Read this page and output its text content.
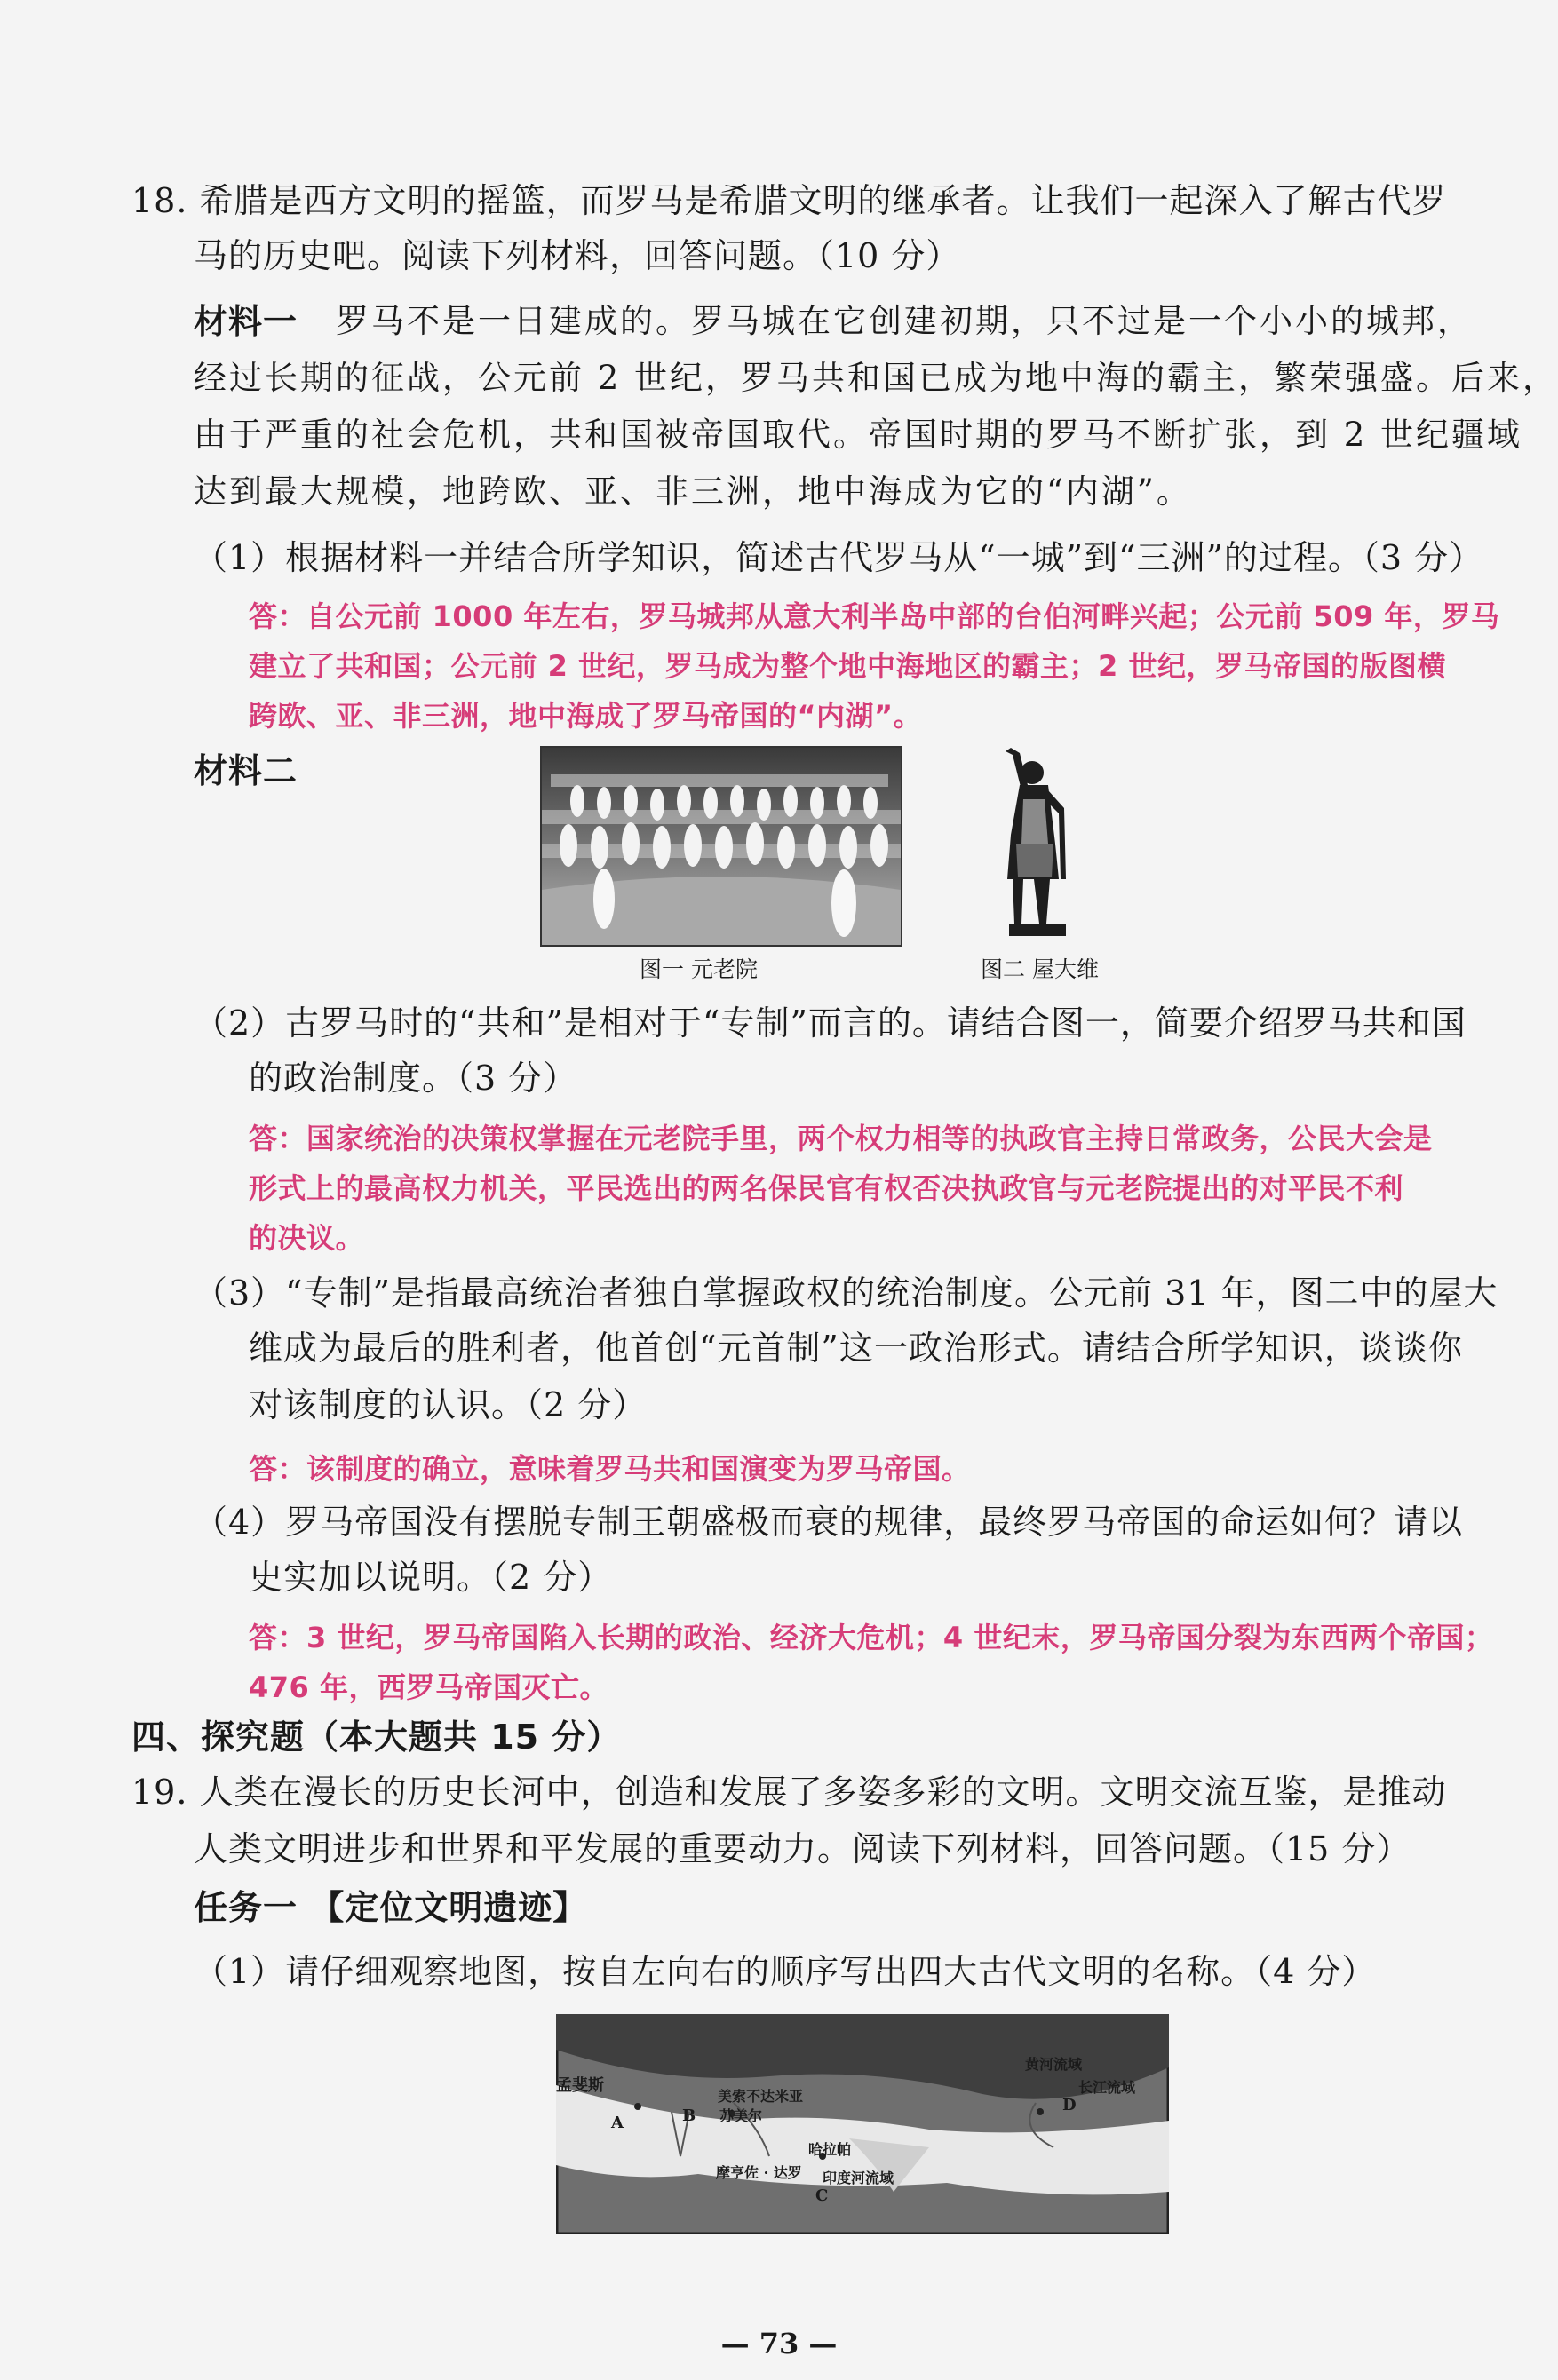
18. 希腊是西方文明的摇篮，而罗马是希腊文明的继承者。让我们一起深入了解古代罗
马的历史吧。阅读下列材料，回答问题。（10 分）
材料一 罗马不是一日建成的。罗马城在它创建初期，只不过是一个小小的城邦，
经过长期的征战，公元前 2 世纪，罗马共和国已成为地中海的霸主，繁荣强盛。后来，
由于严重的社会危机，共和国被帝国取代。帝国时期的罗马不断扩张，到 2 世纪疆域
达到最大规模，地跨欧、亚、非三洲，地中海成为它的“内湖”。
（1）根据材料一并结合所学知识，简述古代罗马从“一城”到“三洲”的过程。（3 分）
答：自公元前 1000 年左右，罗马城邦从意大利半岛中部的台伯河畔兴起；公元前 509 年，罗马
建立了共和国；公元前 2 世纪，罗马成为整个地中海地区的霸主；2 世纪，罗马帝国的版图横
跨欧、亚、非三洲，地中海成了罗马帝国的“内湖”。
材料二
图一 元老院	图二 屋大维
（2）古罗马时的“共和”是相对于“专制”而言的。请结合图一，简要介绍罗马共和国
的政治制度。（3 分）
答：国家统治的决策权掌握在元老院手里，两个权力相等的执政官主持日常政务，公民大会是
形式上的最高权力机关，平民选出的两名保民官有权否决执政官与元老院提出的对平民不利
的决议。
（3）“专制”是指最高统治者独自掌握政权的统治制度。公元前 31 年，图二中的屋大
维成为最后的胜利者，他首创“元首制”这一政治形式。请结合所学知识，谈谈你
对该制度的认识。（2 分）
答：该制度的确立，意味着罗马共和国演变为罗马帝国。
（4）罗马帝国没有摆脱专制王朝盛极而衰的规律，最终罗马帝国的命运如何？请以
史实加以说明。（2 分）
答：3 世纪，罗马帝国陷入长期的政治、经济大危机；4 世纪末，罗马帝国分裂为东西两个帝国；
476 年，西罗马帝国灭亡。
四、探究题（本大题共 15 分）
19. 人类在漫长的历史长河中，创造和发展了多姿多彩的文明。文明交流互鉴，是推动
人类文明进步和世界和平发展的重要动力。阅读下列材料，回答问题。（15 分）
任务一 【定位文明遗迹】
（1）请仔细观察地图，按自左向右的顺序写出四大古代文明的名称。（4 分）
孟斐斯
A	B
美索不达米亚
苏美尔
哈拉帕
摩亨佐 · 达罗 印度河流域
C
黄河流域
长江流域
D
— 73 —
